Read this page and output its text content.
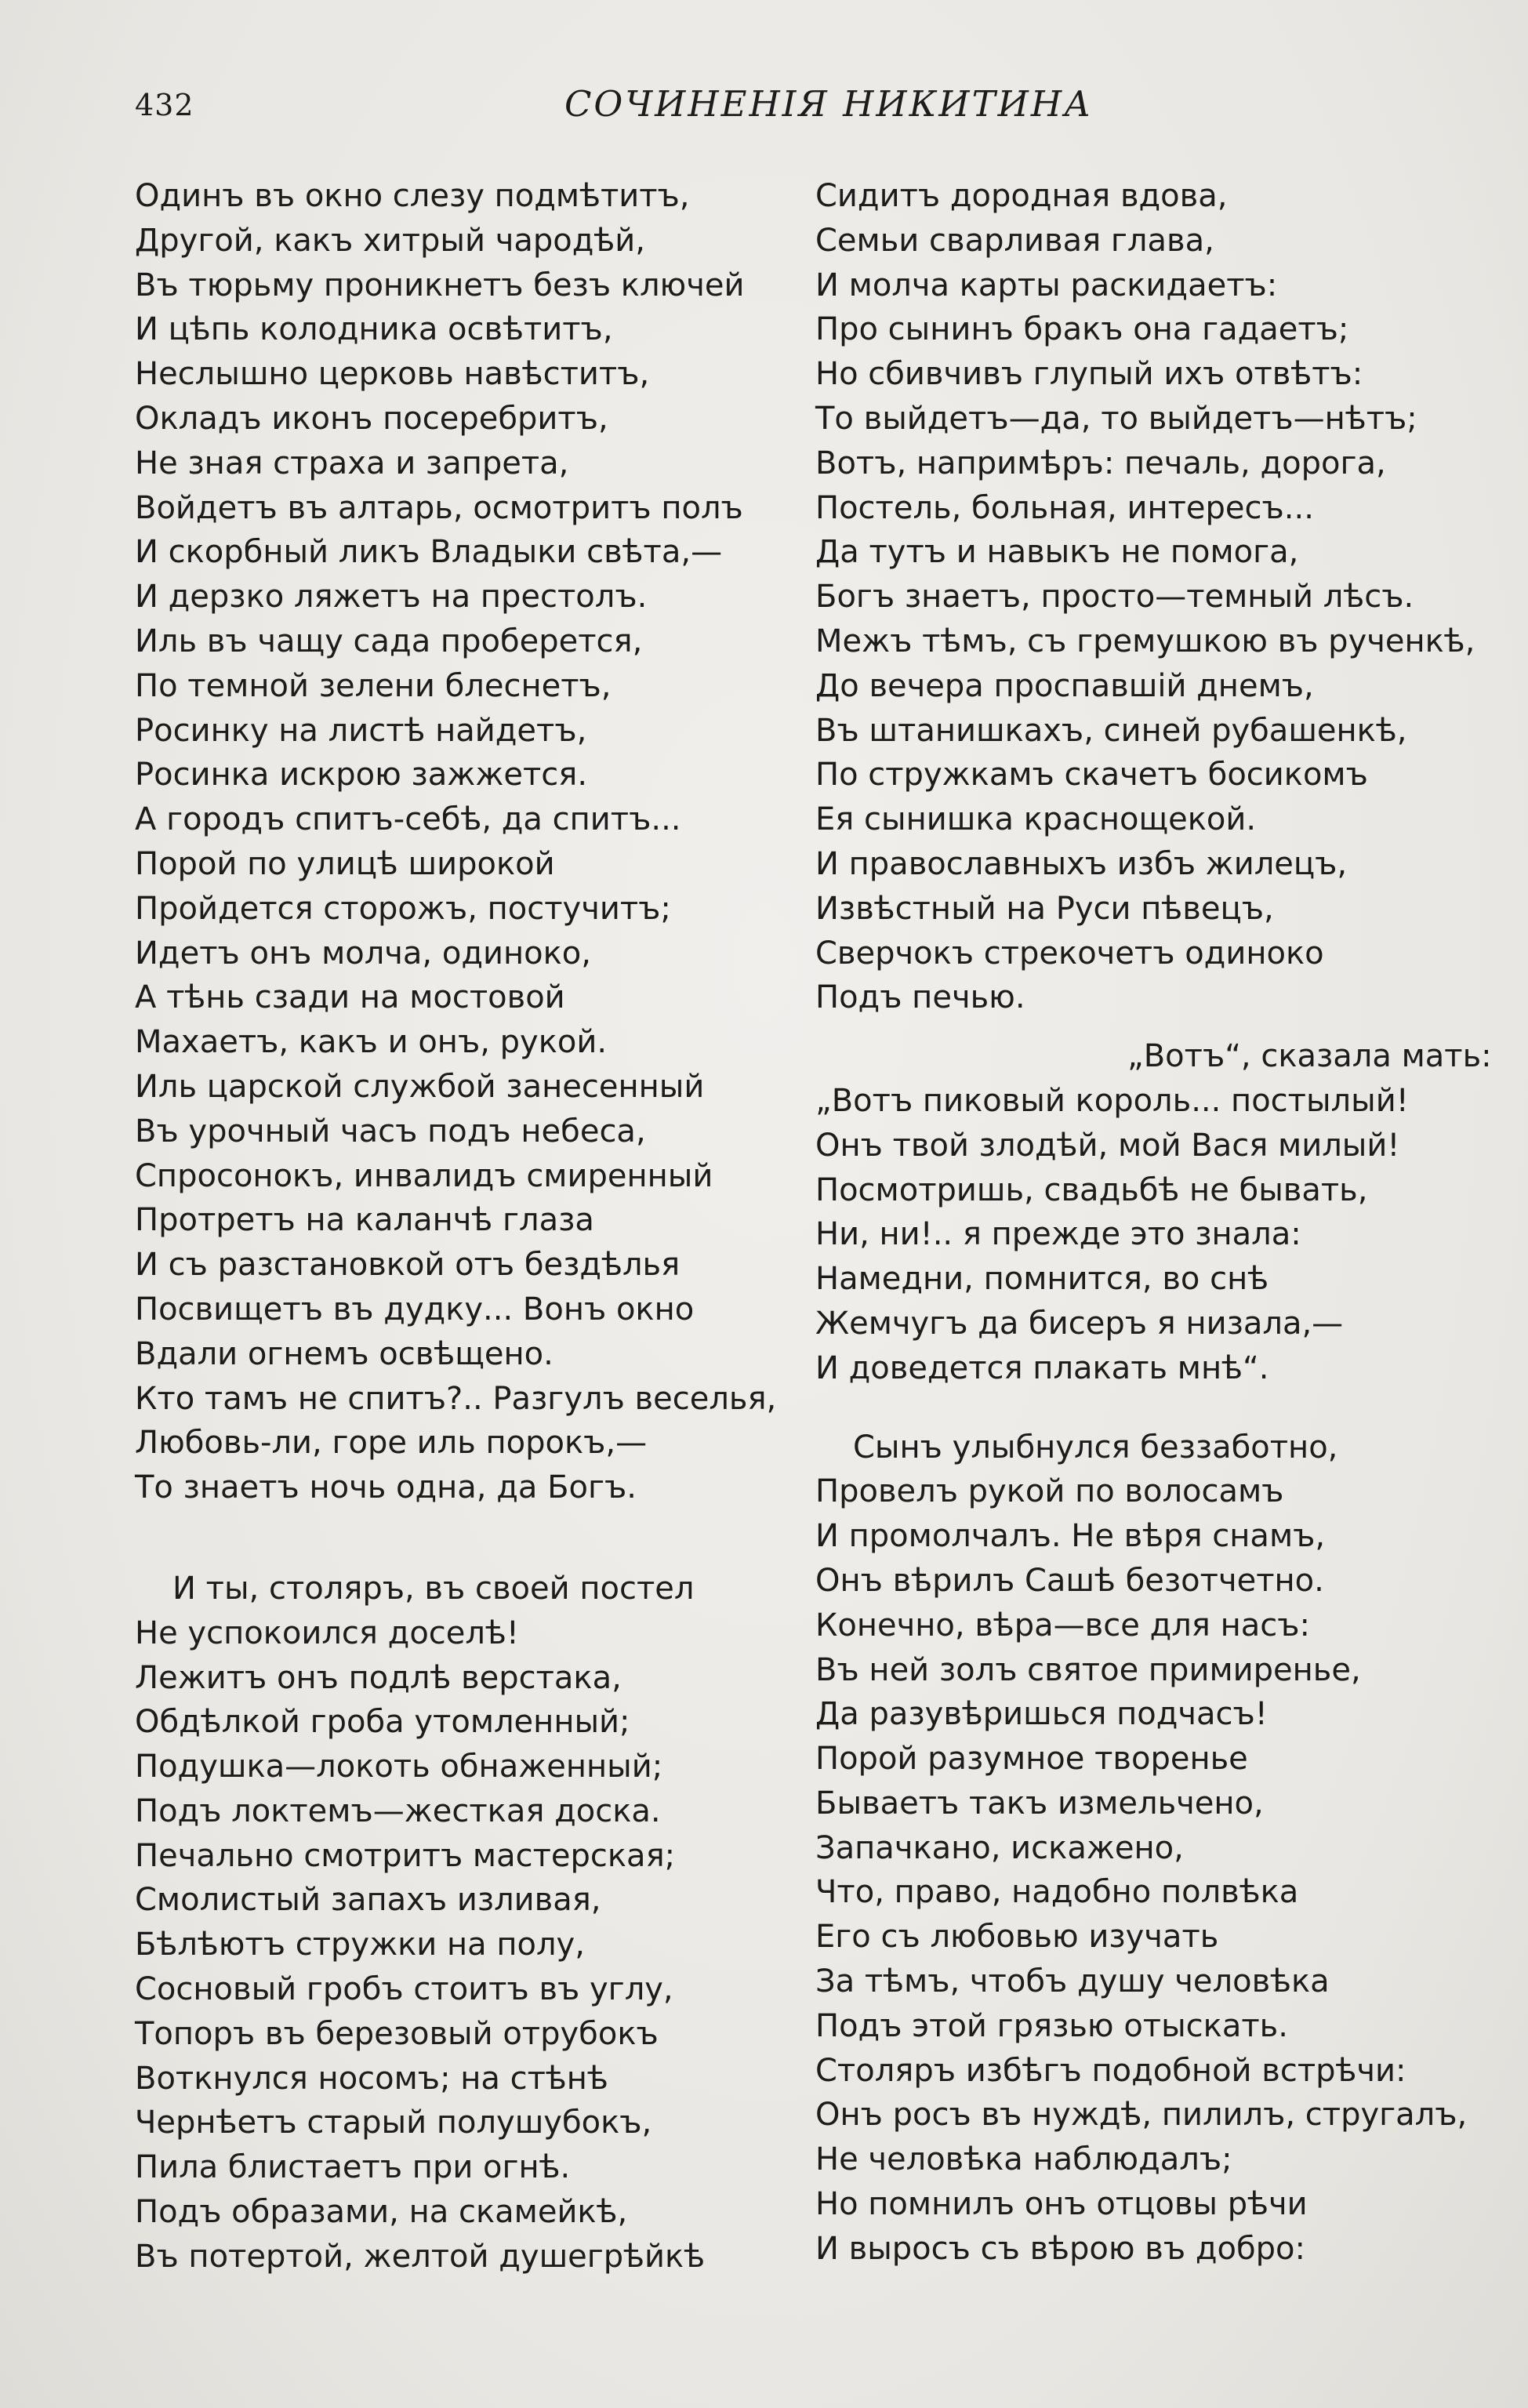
432	СОЧИНЕНІЯ НИКИТИНА
Одинъ въ окно слезу подмѣтитъ,
Другой, какъ хитрый чародѣй,
Въ тюрьму проникнетъ безъ ключей
И цѣпь колодника освѣтитъ,
Неслышно церковь навѣститъ,
Окладъ иконъ посеребритъ,
Не зная страха и запрета,
Войдетъ въ алтарь, осмотритъ полъ
И скорбный ликъ Владыки свѣта,—
И дерзко ляжетъ на престолъ.
Иль въ чащу сада проберется,
По темной зелени блеснетъ,
Росинку на листѣ найдетъ,
Росинка искрою зажжется.
А городъ спитъ-себѣ, да спитъ...
Порой по улицѣ широкой
Пройдется сторожъ, постучитъ;
Идетъ онъ молча, одиноко,
А тѣнь сзади на мостовой
Махаетъ, какъ и онъ, рукой.
Иль царской службой занесенный
Въ урочный часъ подъ небеса,
Спросонокъ, инвалидъ смиренный
Протретъ на каланчѣ глаза
И съ разстановкой отъ бездѣлья
Посвищетъ въ дудку... Вонъ окно
Вдали огнемъ освѣщено.
Кто тамъ не спитъ?.. Разгулъ веселья,
Любовь-ли, горе иль порокъ,—
То знаетъ ночь одна, да Богъ.
И ты, столяръ, въ своей постел
Не успокоился доселѣ!
Лежитъ онъ подлѣ верстака,
Обдѣлкой гроба утомленный;
Подушка—локоть обнаженный;
Подъ локтемъ—жесткая доска.
Печально смотритъ мастерская;
Смолистый запахъ изливая,
Бѣлѣютъ стружки на полу,
Сосновый гробъ стоитъ въ углу,
Топоръ въ березовый отрубокъ
Воткнулся носомъ; на стѣнѣ
Чернѣетъ старый полушубокъ,
Пила блистаетъ при огнѣ.
Подъ образами, на скамейкѣ,
Въ потертой, желтой душегрѣйкѣ
Сидитъ дородная вдова,
Семьи сварливая глава,
И молча карты раскидаетъ:
Про сынинъ бракъ она гадаетъ;
Но сбивчивъ глупый ихъ отвѣтъ:
То выйдетъ—да, то выйдетъ—нѣтъ;
Вотъ, напримѣръ: печаль, дорога,
Постель, больная, интересъ...
Да тутъ и навыкъ не помога,
Богъ знаетъ, просто—темный лѣсъ.
Межъ тѣмъ, съ гремушкою въ рученкѣ,
До вечера проспавшій днемъ,
Въ штанишкахъ, синей рубашенкѣ,
По стружкамъ скачетъ босикомъ
Ея сынишка краснощекой.
И православныхъ избъ жилецъ,
Извѣстный на Руси пѣвецъ,
Сверчокъ стрекочетъ одиноко
Подъ печью.
„Вотъ“, сказала мать:
„Вотъ пиковый король... постылый!
Онъ твой злодѣй, мой Вася милый!
Посмотришь, свадьбѣ не бывать,
Ни, ни!.. я прежде это знала:
Намедни, помнится, во снѣ
Жемчугъ да бисеръ я низала,—
И доведется плакать мнѣ“.
Сынъ улыбнулся беззаботно,
Провелъ рукой по волосамъ
И промолчалъ. Не вѣря снамъ,
Онъ вѣрилъ Сашѣ безотчетно.
Конечно, вѣра—все для насъ:
Въ ней золъ святое примиренье,
Да разувѣришься подчасъ!
Порой разумное творенье
Бываетъ такъ измельчено,
Запачкано, искажено,
Что, право, надобно полвѣка
Его съ любовью изучать
За тѣмъ, чтобъ душу человѣка
Подъ этой грязью отыскать.
Столяръ избѣгъ подобной встрѣчи:
Онъ росъ въ нуждѣ, пилилъ, стругалъ,
Не человѣка наблюдалъ;
Но помнилъ онъ отцовы рѣчи
И выросъ съ вѣрою въ добро:
